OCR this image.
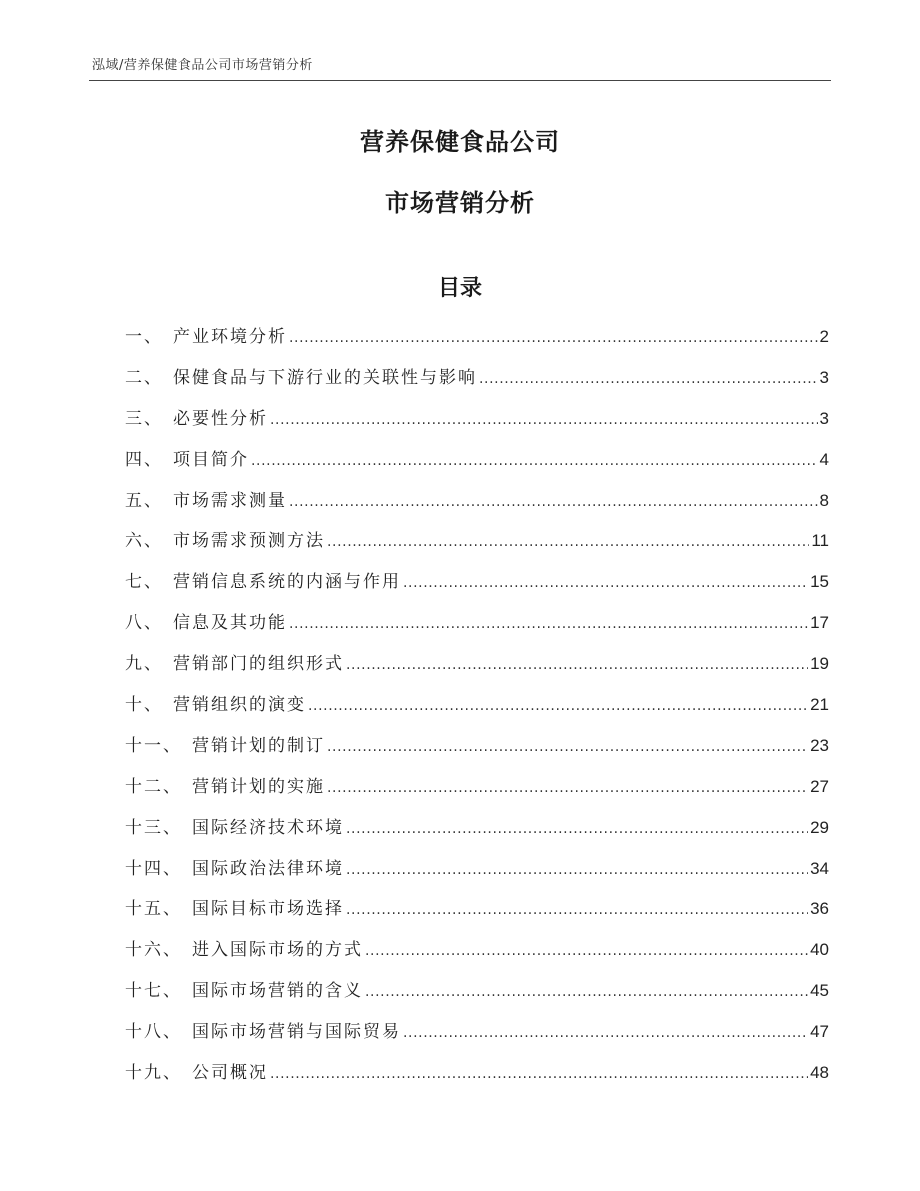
泓域/营养保健食品公司市场营销分析
营养保健食品公司
市场营销分析
目录
一、 产业环境分析 .....	2
二、 保健食品与下游行业的关联性与影响 .....	3
三、 必要性分析 .....	3
四、 项目简介 .....	4
五、 市场需求测量 .....	8
六、 市场需求预测方法 .....	11
七、 营销信息系统的内涵与作用 .....	15
八、 信息及其功能 .....	17
九、 营销部门的组织形式 .....	19
十、 营销组织的演变 .....	21
十一、 营销计划的制订 .....	23
十二、 营销计划的实施 .....	27
十三、 国际经济技术环境 .....	29
十四、 国际政治法律环境 .....	34
十五、 国际目标市场选择 .....	36
十六、 进入国际市场的方式 .....	40
十七、 国际市场营销的含义 .....	45
十八、 国际市场营销与国际贸易 .....	47
十九、 公司概况 .....	48
